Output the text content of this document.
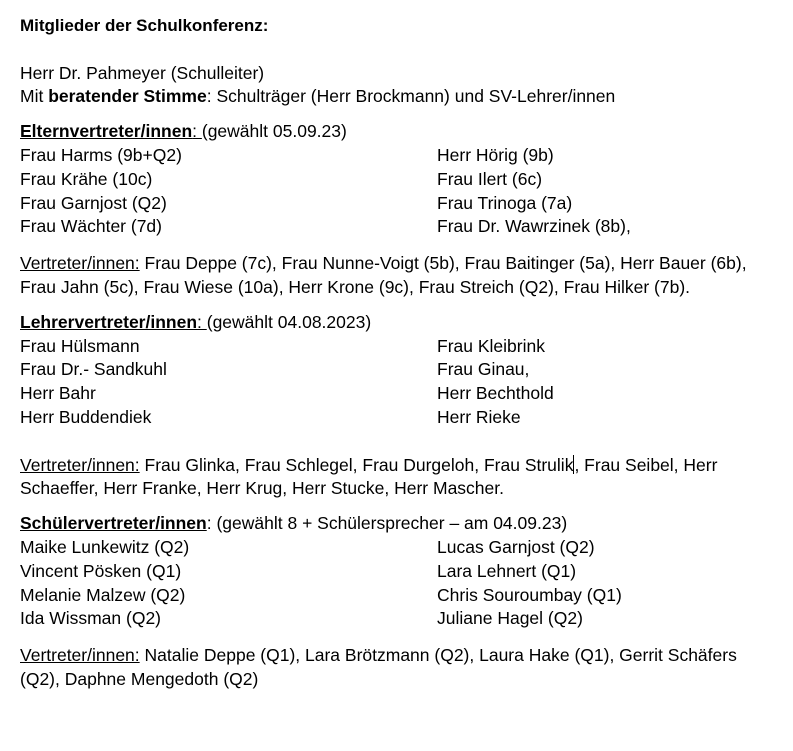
Mitglieder der Schulkonferenz:

Herr Dr. Pahmeyer (Schulleiter)
Mit beratender Stimme: Schulträger (Herr Brockmann) und SV-Lehrer/innen
Elternvertreter/innen: (gewählt 05.09.23)
Frau Harms (9b+Q2)	Herr Hörig (9b)
Frau Krähe (10c)	Frau Ilert (6c)
Frau Garnjost (Q2)	Frau Trinoga (7a)
Frau Wächter (7d)	Frau Dr. Wawrzinek (8b),
Vertreter/innen: Frau Deppe (7c), Frau Nunne-Voigt (5b), Frau Baitinger (5a), Herr Bauer (6b), Frau Jahn (5c), Frau Wiese (10a), Herr Krone (9c), Frau Streich (Q2), Frau Hilker (7b).
Lehrervertreter/innen: (gewählt 04.08.2023)
Frau Hülsmann	Frau Kleibrink
Frau Dr.- Sandkuhl	Frau Ginau,
Herr Bahr	Herr Bechthold
Herr Buddendiek	Herr Rieke
Vertreter/innen: Frau Glinka, Frau Schlegel, Frau Durgeloh, Frau Strulik, Frau Seibel, Herr Schaeffer, Herr Franke, Herr Krug, Herr Stucke, Herr Mascher.
Schülervertreter/innen: (gewählt 8 + Schülersprecher – am 04.09.23)
Maike Lunkewitz (Q2)	Lucas Garnjost (Q2)
Vincent Pösken (Q1)	Lara Lehnert (Q1)
Melanie Malzew (Q2)	Chris Souroumbay (Q1)
Ida Wissman (Q2)	Juliane Hagel (Q2)
Vertreter/innen: Natalie Deppe (Q1), Lara Brötzmann (Q2), Laura Hake (Q1), Gerrit Schäfers (Q2), Daphne Mengedoth (Q2)
